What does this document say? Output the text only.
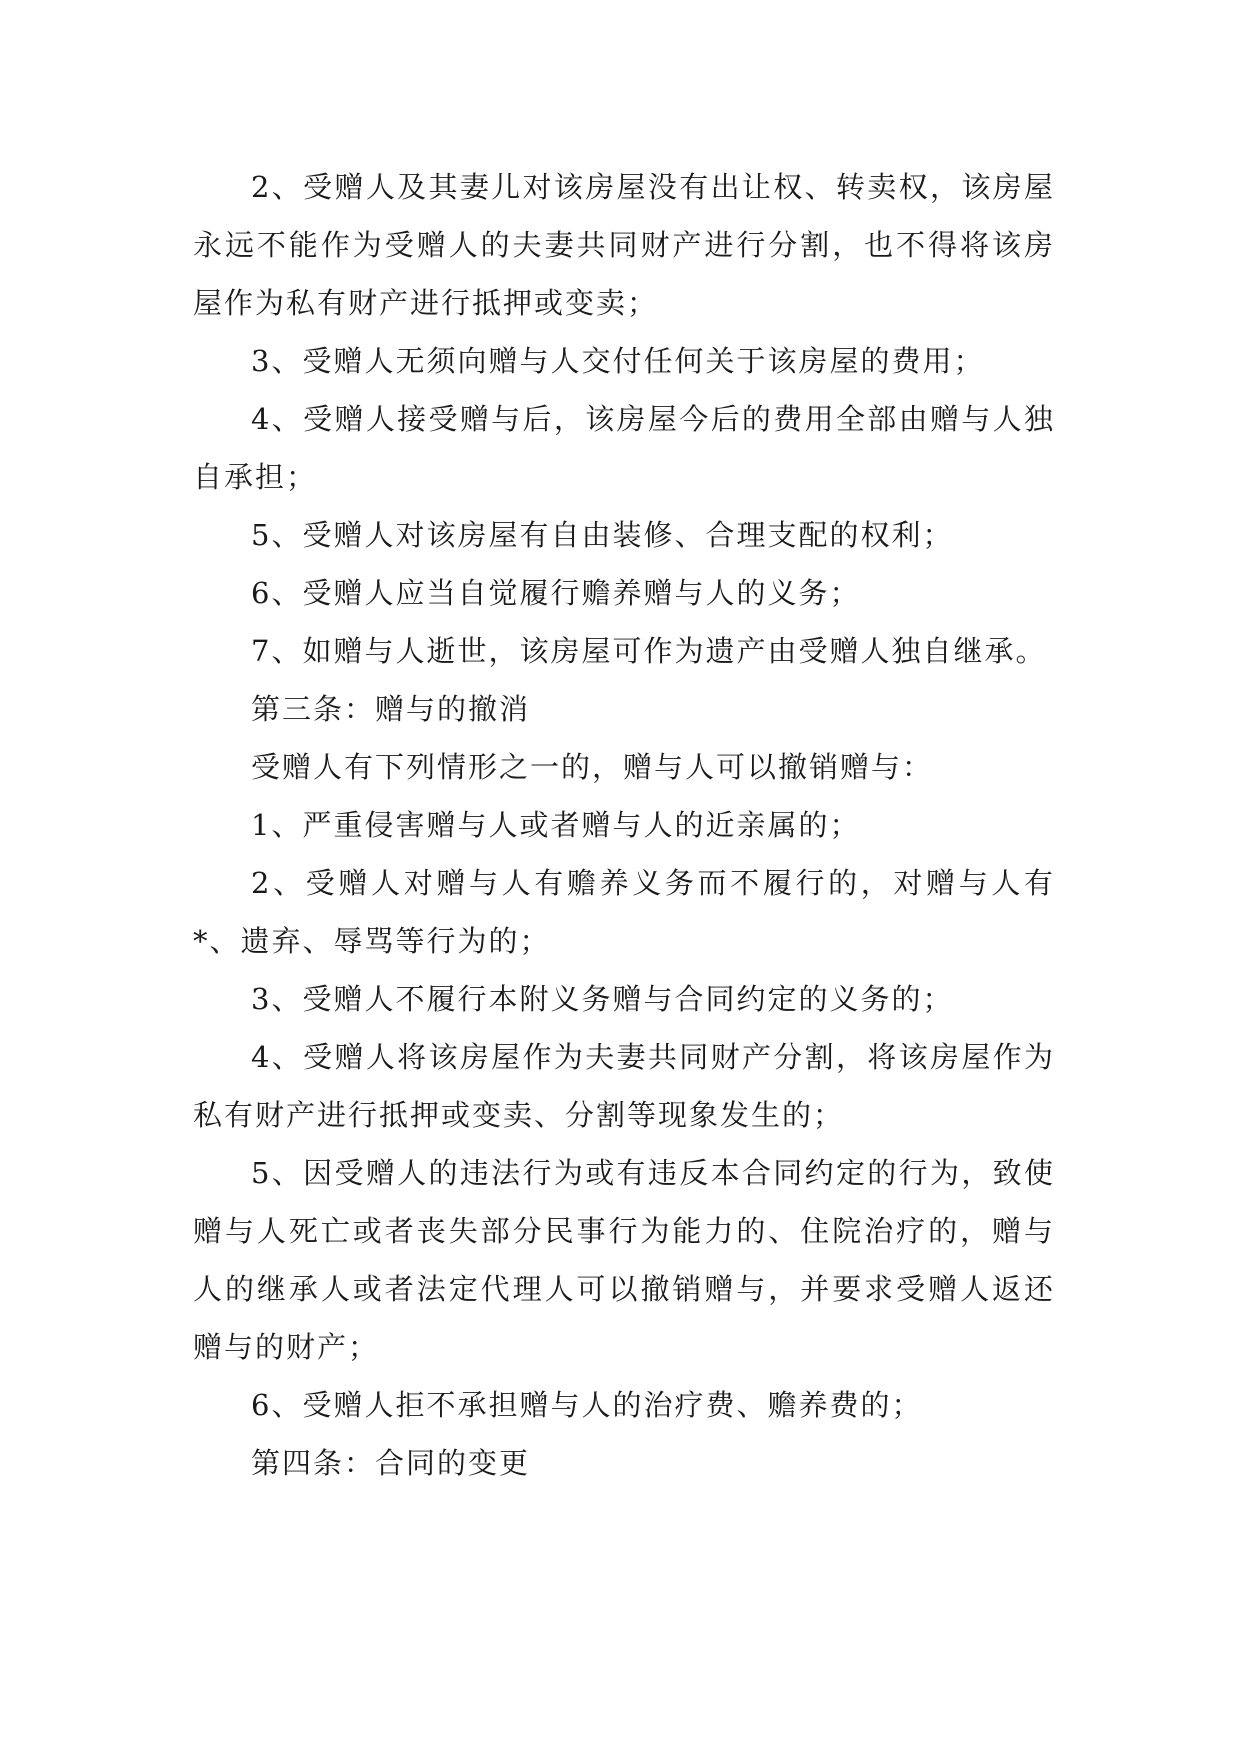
2、受赠人及其妻儿对该房屋没有出让权、转卖权，该房屋永远不能作为受赠人的夫妻共同财产进行分割，也不得将该房屋作为私有财产进行抵押或变卖；

3、受赠人无须向赠与人交付任何关于该房屋的费用；

4、受赠人接受赠与后，该房屋今后的费用全部由赠与人独自承担；

5、受赠人对该房屋有自由装修、合理支配的权利；

6、受赠人应当自觉履行赡养赠与人的义务；

7、如赠与人逝世，该房屋可作为遗产由受赠人独自继承。

第三条：赠与的撤消

受赠人有下列情形之一的，赠与人可以撤销赠与：

1、严重侵害赠与人或者赠与人的近亲属的；

2、受赠人对赠与人有赡养义务而不履行的，对赠与人有*、遗弃、辱骂等行为的；

3、受赠人不履行本附义务赠与合同约定的义务的；

4、受赠人将该房屋作为夫妻共同财产分割，将该房屋作为私有财产进行抵押或变卖、分割等现象发生的；

5、因受赠人的违法行为或有违反本合同约定的行为，致使赠与人死亡或者丧失部分民事行为能力的、住院治疗的，赠与人的继承人或者法定代理人可以撤销赠与，并要求受赠人返还赠与的财产；

6、受赠人拒不承担赠与人的治疗费、赡养费的；

第四条：合同的变更
